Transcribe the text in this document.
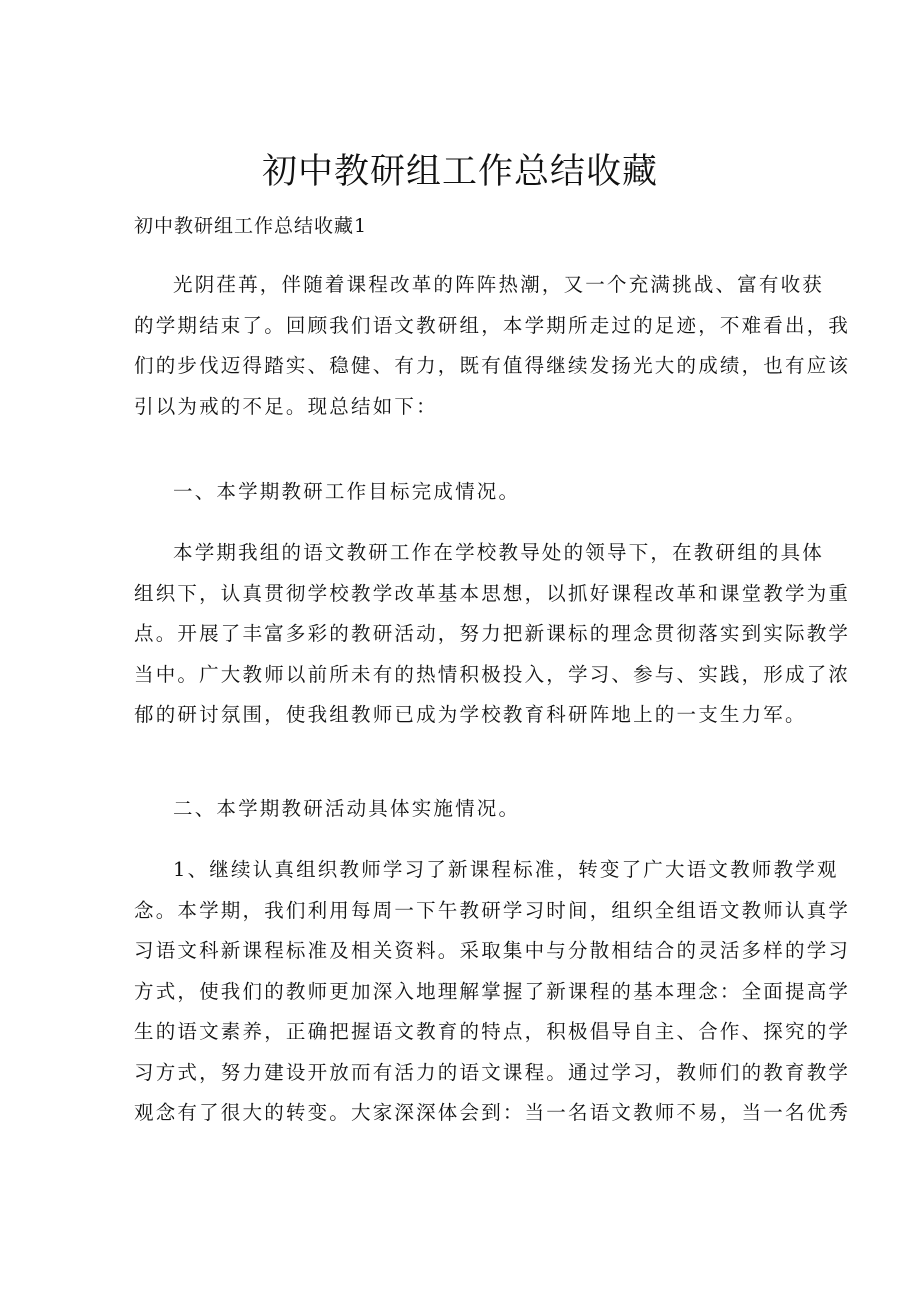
初中教研组工作总结收藏

初中教研组工作总结收藏1

光阴荏苒，伴随着课程改革的阵阵热潮，又一个充满挑战、富有收获
的学期结束了。回顾我们语文教研组，本学期所走过的足迹，不难看出，我
们的步伐迈得踏实、稳健、有力，既有值得继续发扬光大的成绩，也有应该
引以为戒的不足。现总结如下：

一、本学期教研工作目标完成情况。

本学期我组的语文教研工作在学校教导处的领导下，在教研组的具体
组织下，认真贯彻学校教学改革基本思想，以抓好课程改革和课堂教学为重
点。开展了丰富多彩的教研活动，努力把新课标的理念贯彻落实到实际教学
当中。广大教师以前所未有的热情积极投入，学习、参与、实践，形成了浓
郁的研讨氛围，使我组教师已成为学校教育科研阵地上的一支生力军。

二、本学期教研活动具体实施情况。

1、继续认真组织教师学习了新课程标准，转变了广大语文教师教学观
念。本学期，我们利用每周一下午教研学习时间，组织全组语文教师认真学
习语文科新课程标准及相关资料。采取集中与分散相结合的灵活多样的学习
方式，使我们的教师更加深入地理解掌握了新课程的基本理念：全面提高学
生的语文素养，正确把握语文教育的特点，积极倡导自主、合作、探究的学
习方式，努力建设开放而有活力的语文课程。通过学习，教师们的教育教学
观念有了很大的转变。大家深深体会到：当一名语文教师不易，当一名优秀
